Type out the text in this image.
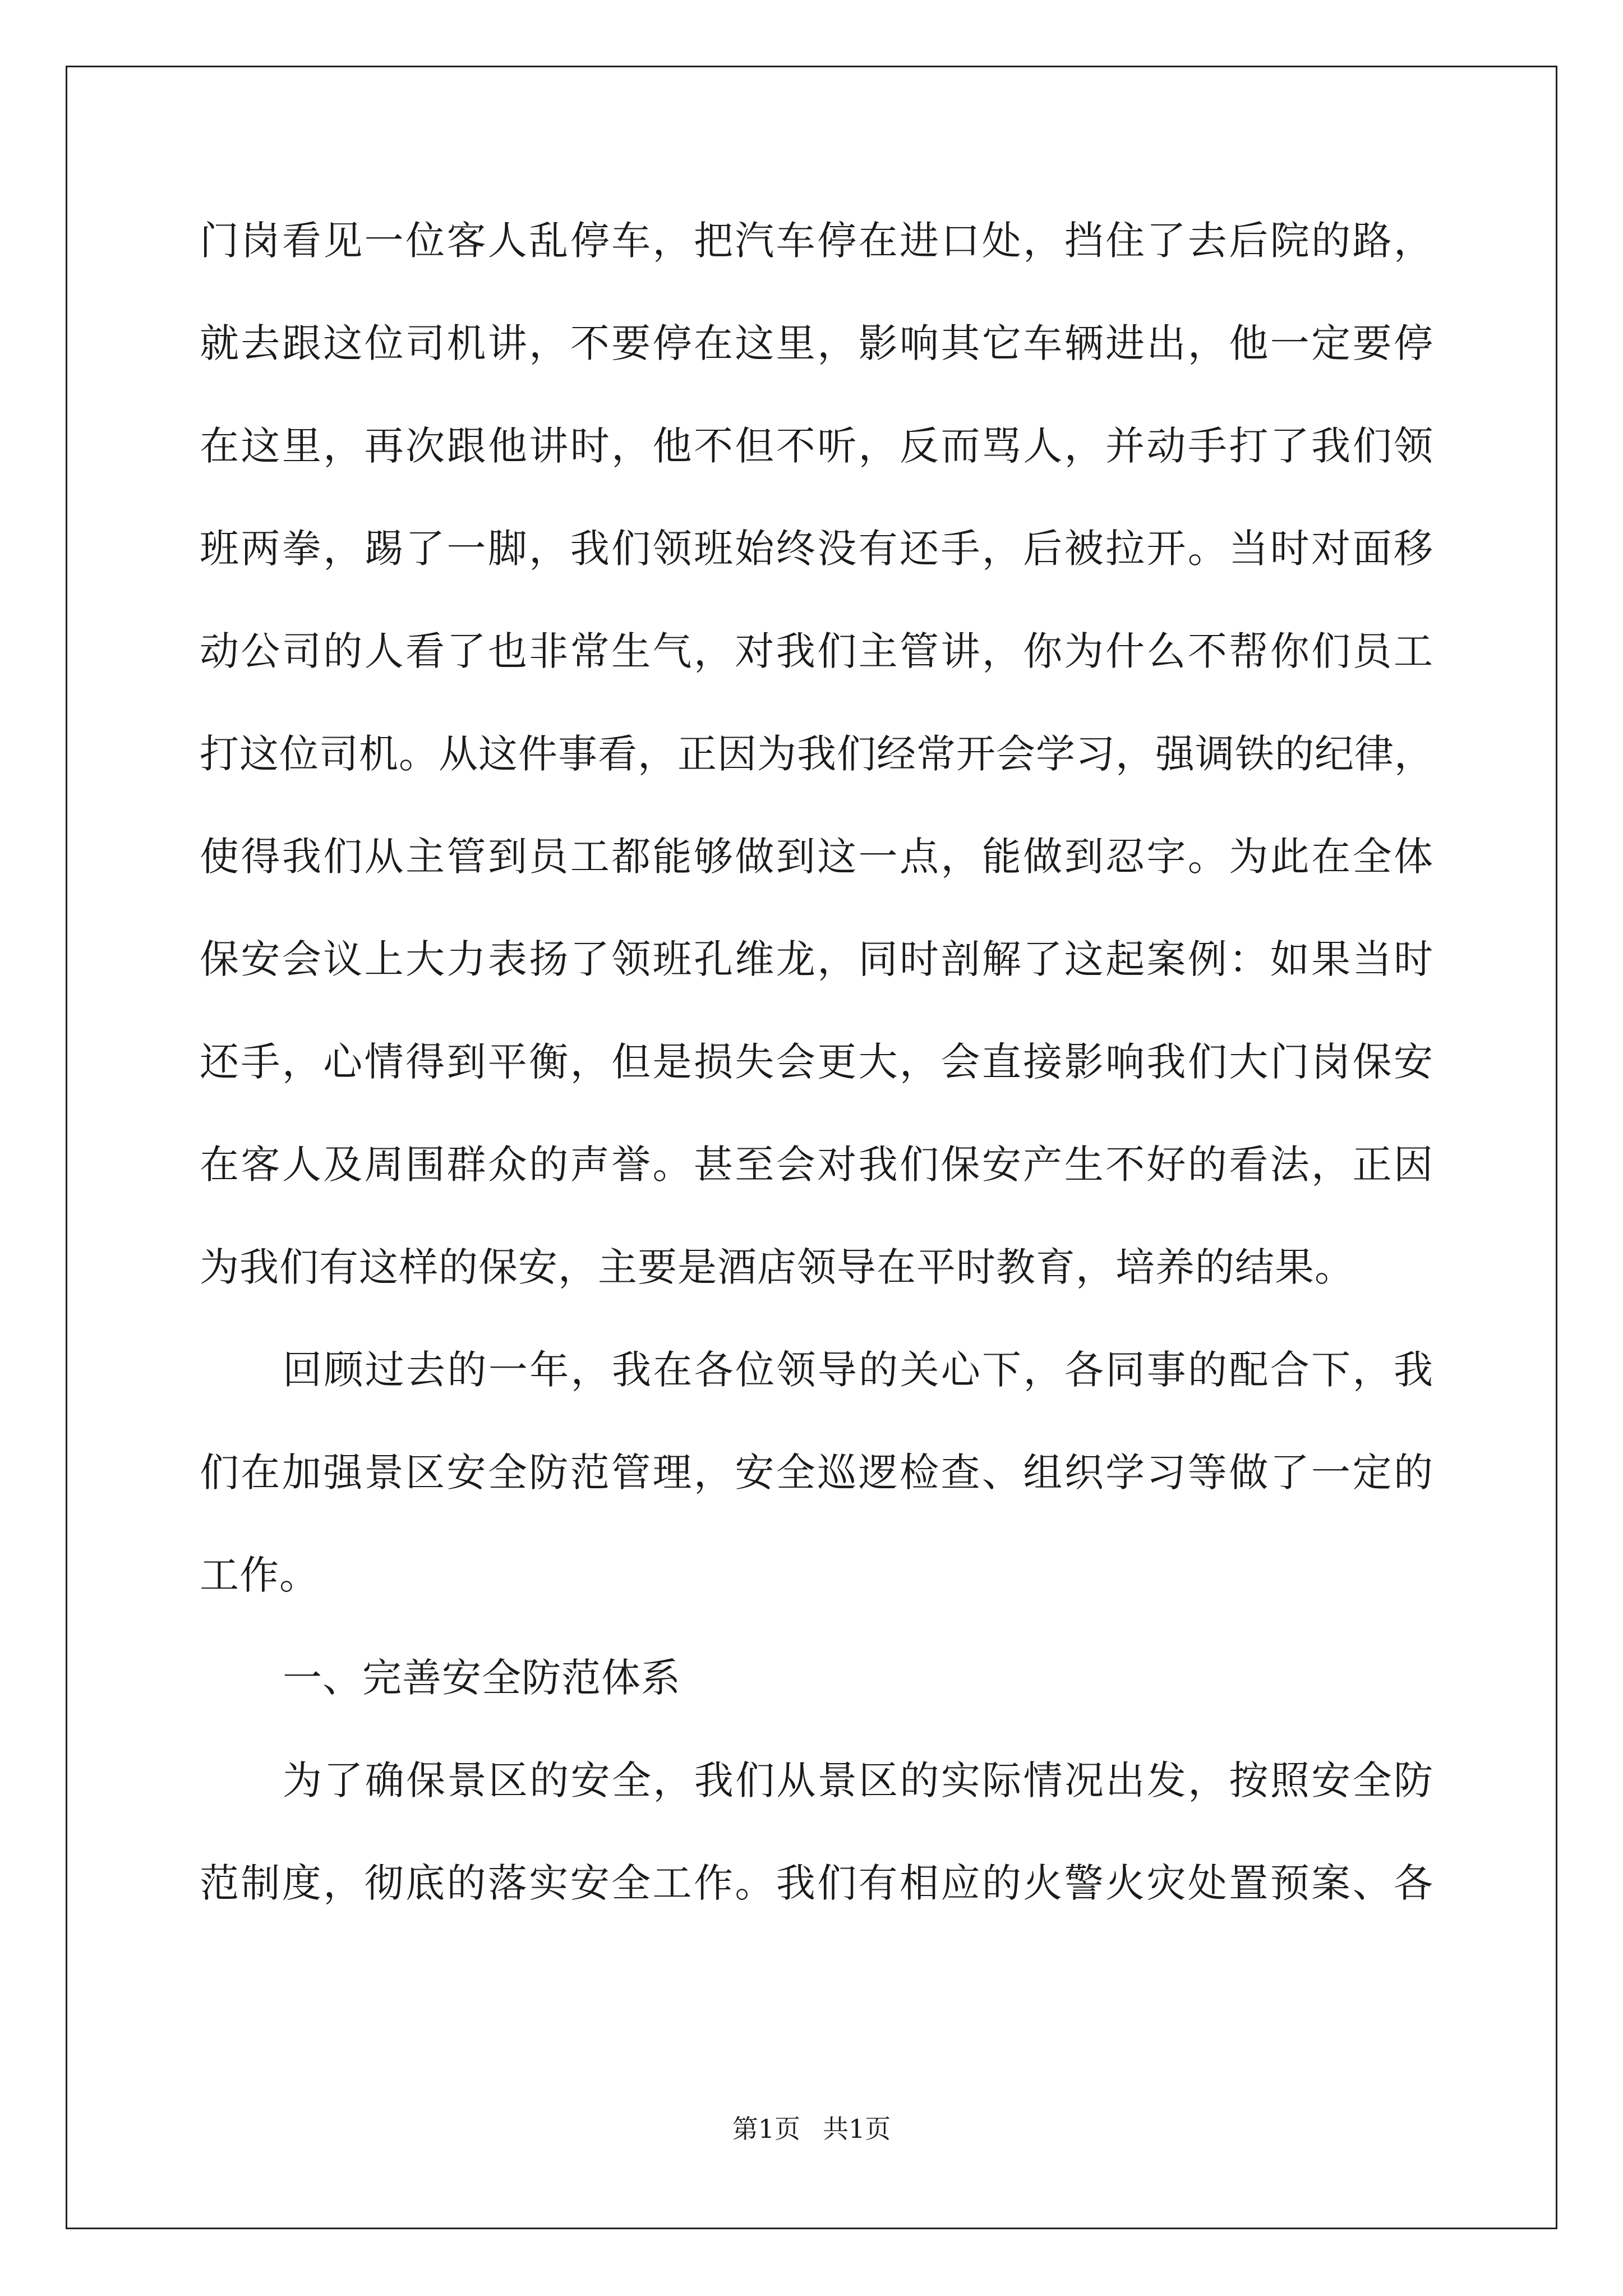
门岗看见一位客人乱停车，把汽车停在进口处，挡住了去后院的路，
就去跟这位司机讲，不要停在这里，影响其它车辆进出，他一定要停
在这里，再次跟他讲时，他不但不听，反而骂人，并动手打了我们领
班两拳，踢了一脚，我们领班始终没有还手，后被拉开。当时对面移
动公司的人看了也非常生气，对我们主管讲，你为什么不帮你们员工
打这位司机。从这件事看，正因为我们经常开会学习，强调铁的纪律，
使得我们从主管到员工都能够做到这一点，能做到忍字。为此在全体
保安会议上大力表扬了领班孔维龙，同时剖解了这起案例：如果当时
还手，心情得到平衡，但是损失会更大，会直接影响我们大门岗保安
在客人及周围群众的声誉。甚至会对我们保安产生不好的看法，正因
为我们有这样的保安，主要是酒店领导在平时教育，培养的结果。
回顾过去的一年，我在各位领导的关心下，各同事的配合下，我
们在加强景区安全防范管理，安全巡逻检查、组织学习等做了一定的
工作。
一、完善安全防范体系
为了确保景区的安全，我们从景区的实际情况出发，按照安全防
范制度，彻底的落实安全工作。我们有相应的火警火灾处置预案、各
第1页 共1页
